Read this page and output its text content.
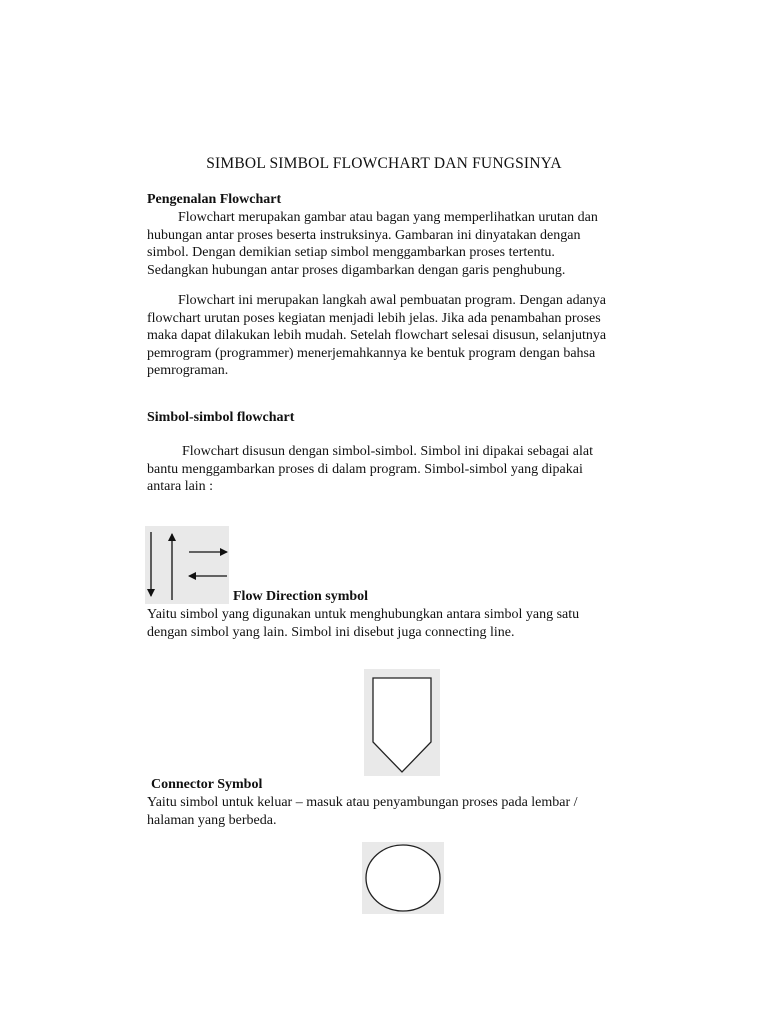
SIMBOL SIMBOL FLOWCHART DAN FUNGSINYA
Pengenalan Flowchart
Flowchart merupakan gambar atau bagan yang memperlihatkan urutan dan
hubungan antar proses beserta instruksinya. Gambaran ini dinyatakan dengan
simbol. Dengan demikian setiap simbol menggambarkan proses tertentu.
Sedangkan hubungan antar proses digambarkan dengan garis penghubung.
Flowchart ini merupakan langkah awal pembuatan program. Dengan adanya
flowchart urutan poses kegiatan menjadi lebih jelas. Jika ada penambahan proses
maka dapat dilakukan lebih mudah. Setelah flowchart selesai disusun, selanjutnya
pemrogram (programmer) menerjemahkannya ke bentuk program dengan bahsa
pemrograman.
Simbol-simbol flowchart
Flowchart disusun dengan simbol-simbol. Simbol ini dipakai sebagai alat
bantu menggambarkan proses di dalam program. Simbol-simbol yang dipakai
antara lain :
Flow Direction symbol
Yaitu simbol yang digunakan untuk menghubungkan antara simbol yang satu
dengan simbol yang lain. Simbol ini disebut juga connecting line.
Connector Symbol
Yaitu simbol untuk keluar – masuk atau penyambungan proses pada lembar /
halaman yang berbeda.
